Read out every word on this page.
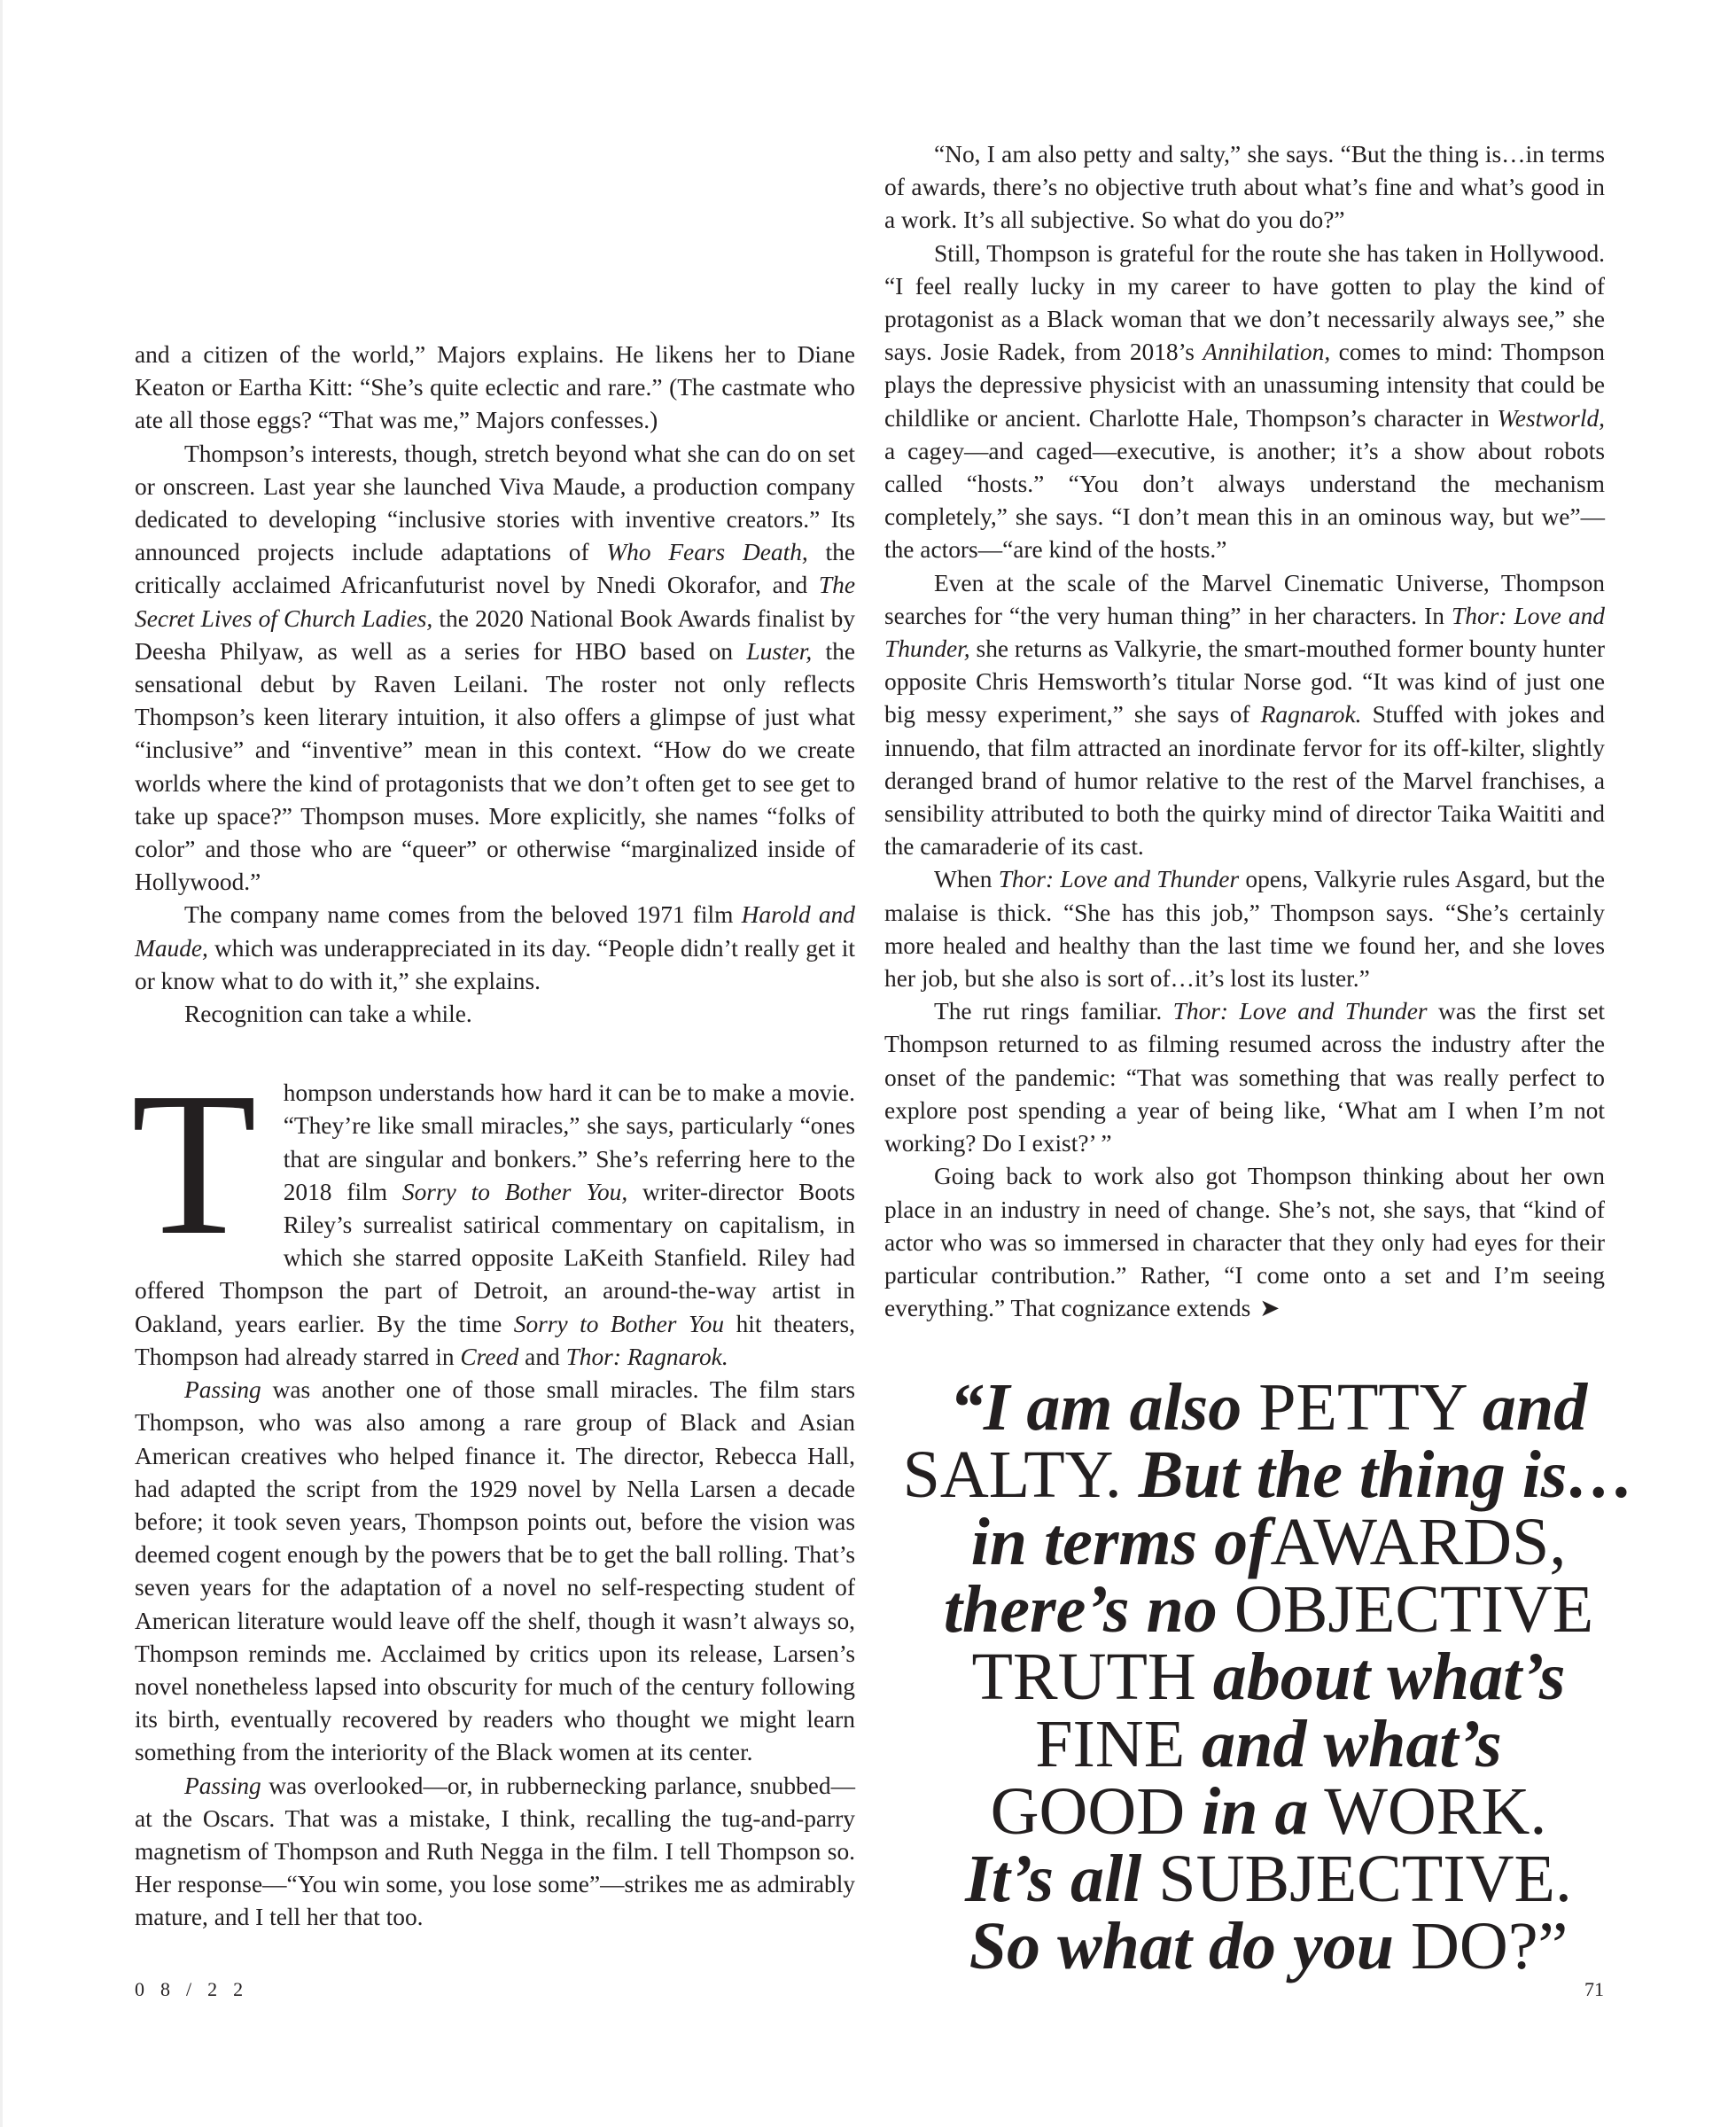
and a citizen of the world,” Majors explains. He likens her to Diane Keaton or Eartha Kitt: “She’s quite eclectic and rare.” (The castmate who ate all those eggs? “That was me,” Majors confesses.)

Thompson’s interests, though, stretch beyond what she can do on set or onscreen. Last year she launched Viva Maude, a production company dedicated to developing “inclusive stories with inventive creators.” Its announced projects include adaptations of Who Fears Death, the critically acclaimed Africanfuturist novel by Nnedi Okorafor, and The Secret Lives of Church Ladies, the 2020 National Book Awards finalist by Deesha Philyaw, as well as a series for HBO based on Luster, the sensational debut by Raven Leilani. The roster not only reflects Thompson’s keen literary intuition, it also offers a glimpse of just what “inclusive” and “inventive” mean in this context. “How do we create worlds where the kind of protagonists that we don’t often get to see get to take up space?” Thompson muses. More explicitly, she names “folks of color” and those who are “queer” or otherwise “marginalized inside of Hollywood.”

The company name comes from the beloved 1971 film Harold and Maude, which was underappreciated in its day. “People didn’t really get it or know what to do with it,” she explains.

Recognition can take a while.

T hompson understands how hard it can be to make a movie. “They’re like small miracles,” she says, particularly “ones that are singular and bonkers.” She’s referring here to the 2018 film Sorry to Bother You, writer-director Boots Riley’s surrealist satirical commentary on capitalism, in which she starred opposite LaKeith Stanfield. Riley had offered Thompson the part of Detroit, an around-the-way artist in Oakland, years earlier. By the time Sorry to Bother You hit theaters, Thompson had already starred in Creed and Thor: Ragnarok.

Passing was another one of those small miracles. The film stars Thompson, who was also among a rare group of Black and Asian American creatives who helped finance it. The director, Rebecca Hall, had adapted the script from the 1929 novel by Nella Larsen a decade before; it took seven years, Thompson points out, before the vision was deemed cogent enough by the powers that be to get the ball rolling. That’s seven years for the adaptation of a novel no self-respecting student of American literature would leave off the shelf, though it wasn’t always so, Thompson reminds me. Acclaimed by critics upon its release, Larsen’s novel nonetheless lapsed into obscurity for much of the century following its birth, eventually recovered by readers who thought we might learn something from the interiority of the Black women at its center.

Passing was overlooked—or, in rubbernecking parlance, snubbed—at the Oscars. That was a mistake, I think, recalling the tug-and-parry magnetism of Thompson and Ruth Negga in the film. I tell Thompson so. Her response—“You win some, you lose some”—strikes me as admirably mature, and I tell her that too.

“No, I am also petty and salty,” she says. “But the thing is…in terms of awards, there’s no objective truth about what’s fine and what’s good in a work. It’s all subjective. So what do you do?”

Still, Thompson is grateful for the route she has taken in Hollywood. “I feel really lucky in my career to have gotten to play the kind of protagonist as a Black woman that we don’t necessarily always see,” she says. Josie Radek, from 2018’s Annihilation, comes to mind: Thompson plays the depressive physicist with an unassuming intensity that could be childlike or ancient. Charlotte Hale, Thompson’s character in Westworld, a cagey—and caged—executive, is another; it’s a show about robots called “hosts.” “You don’t always understand the mechanism completely,” she says. “I don’t mean this in an ominous way, but we”—the actors—“are kind of the hosts.”

Even at the scale of the Marvel Cinematic Universe, Thompson searches for “the very human thing” in her characters. In Thor: Love and Thunder, she returns as Valkyrie, the smart-mouthed former bounty hunter opposite Chris Hemsworth’s titular Norse god. “It was kind of just one big messy experiment,” she says of Ragnarok. Stuffed with jokes and innuendo, that film attracted an inordinate fervor for its off-kilter, slightly deranged brand of humor relative to the rest of the Marvel franchises, a sensibility attributed to both the quirky mind of director Taika Waititi and the camaraderie of its cast.

When Thor: Love and Thunder opens, Valkyrie rules Asgard, but the malaise is thick. “She has this job,” Thompson says. “She’s certainly more healed and healthy than the last time we found her, and she loves her job, but she also is sort of…it’s lost its luster.”

The rut rings familiar. Thor: Love and Thunder was the first set Thompson returned to as filming resumed across the industry after the onset of the pandemic: “That was something that was really perfect to explore post spending a year of being like, ‘What am I when I’m not working? Do I exist?’ ”

Going back to work also got Thompson thinking about her own place in an industry in need of change. She’s not, she says, that “kind of actor who was so immersed in character that they only had eyes for their particular contribution.” Rather, “I come onto a set and I’m seeing everything.” That cognizance extends ➤

“I am also PETTY and
SALTY. But the thing is…
in terms ofAWARDS,
there’s no OBJECTIVE
TRUTH about what’s
FINE and what’s
GOOD in a WORK.
It’s all SUBJECTIVE.
So what do you DO?”
08/22	71
